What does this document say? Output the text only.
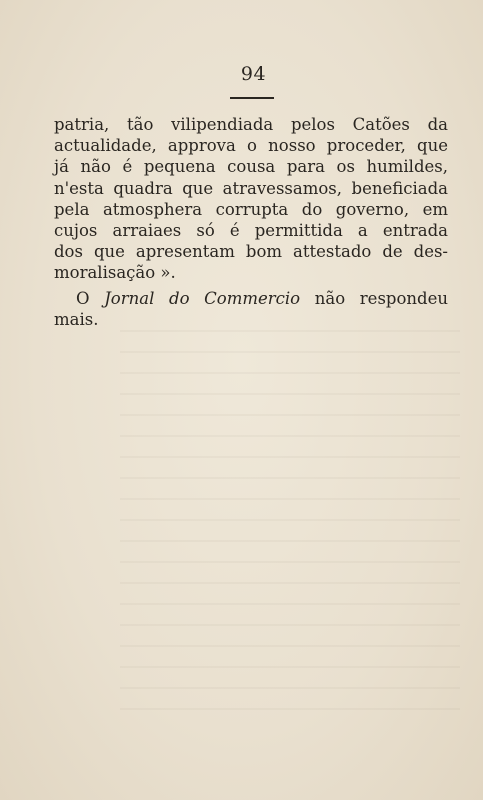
94
patria, tão vilipendiada pelos Catões da
actualidade, approva o nosso proceder, que
já não é pequena cousa para os humildes,
n'esta quadra que atravessamos, beneficiada
pela atmosphera corrupta do governo, em
cujos arraiaes só é permittida a entrada
dos que apresentam bom attestado de des-
moralisação ».
O Jornal do Commercio não respondeu
mais.
